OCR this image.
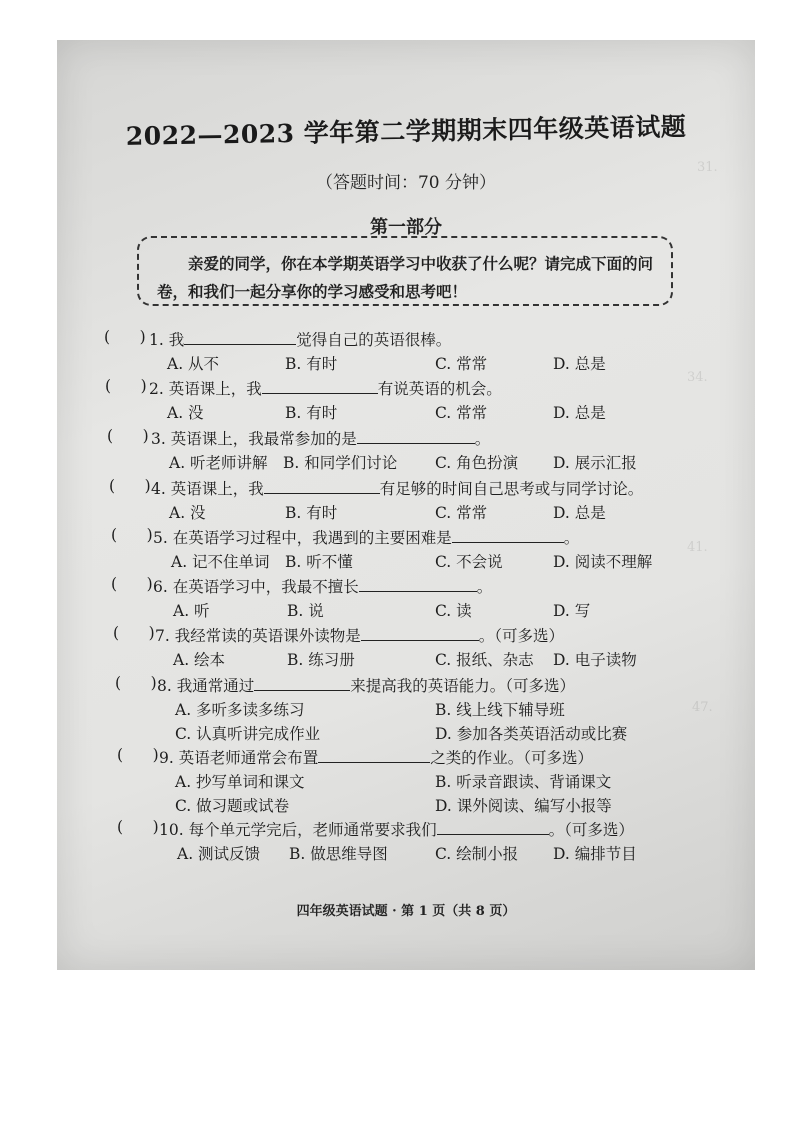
31.
34.
41.
47.
2022—2023 学年第二学期期末四年级英语试题
（答题时间：70 分钟）
第一部分
亲爱的同学，你在本学期英语学习中收获了什么呢？请完成下面的问卷，和我们一起分享你的学习感受和思考吧！
(      ) 1. 我	觉得自己的英语很棒。
A. 从不	B. 有时	C. 常常	D. 总是
(      ) 2. 英语课上，我	有说英语的机会。
A. 没	B. 有时	C. 常常	D. 总是
(      ) 3. 英语课上，我最常参加的是	。
A. 听老师讲解 B. 和同学们讨论 C. 角色扮演 D. 展示汇报
(      ) 4. 英语课上，我	有足够的时间自己思考或与同学讨论。
A. 没	B. 有时	C. 常常	D. 总是
(      ) 5. 在英语学习过程中，我遇到的主要困难是	。
A. 记不住单词 B. 听不懂	C. 不会说	D. 阅读不理解
(      ) 6. 在英语学习中，我最不擅长	。
A. 听	B. 说	C. 读	D. 写
(      ) 7. 我经常读的英语课外读物是	。（可多选）
A. 绘本	B. 练习册	C. 报纸、杂志 D. 电子读物
(      ) 8. 我通常通过	来提高我的英语能力。（可多选）
A. 多听多读多练习	B. 线上线下辅导班
C. 认真听讲完成作业	D. 参加各类英语活动或比赛
(      ) 9. 英语老师通常会布置	之类的作业。（可多选）
A. 抄写单词和课文	B. 听录音跟读、背诵课文
C. 做习题或试卷	D. 课外阅读、编写小报等
(      ) 10. 每个单元学完后，老师通常要求我们	。（可多选）
A. 测试反馈 B. 做思维导图	C. 绘制小报 D. 编排节目
四年级英语试题 · 第 1 页（共 8 页）
